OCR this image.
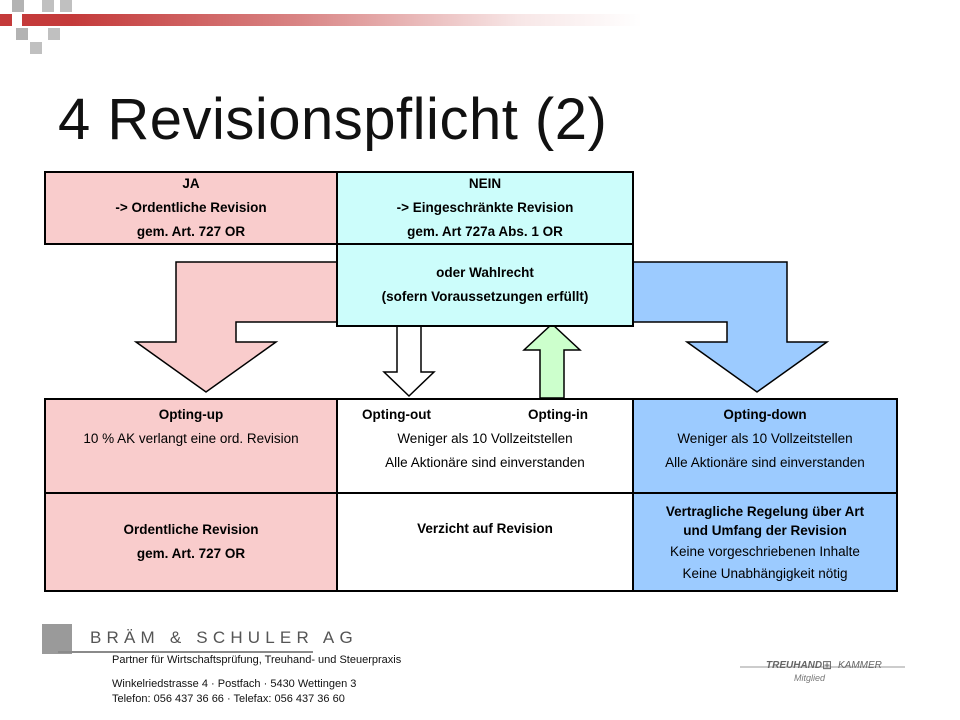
4 Revisionspflicht (2)
JA
-> Ordentliche Revision
gem. Art. 727 OR
NEIN
-> Eingeschränkte Revision
gem. Art 727a Abs. 1 OR
oder Wahlrecht
(sofern Voraussetzungen erfüllt)
Opting-up
10 % AK verlangt eine ord. Revision
Opting-out	Opting-in
Weniger als 10 Vollzeitstellen
Alle Aktionäre sind einverstanden
Opting-down
Weniger als 10 Vollzeitstellen
Alle Aktionäre sind einverstanden
Ordentliche Revision
gem. Art. 727 OR
Verzicht auf Revision
Vertragliche Regelung über Art
und Umfang der Revision
Keine vorgeschriebenen Inhalte
Keine Unabhängigkeit nötig
BRÄM & SCHULER AG
Partner für Wirtschaftsprüfung, Treuhand- und Steuerpraxis
Winkelriedstrasse 4 · Postfach · 5430 Wettingen 3
Telefon: 056 437 36 66 · Telefax: 056 437 36 60
TREUHAND ⊞ KAMMER
Mitglied
